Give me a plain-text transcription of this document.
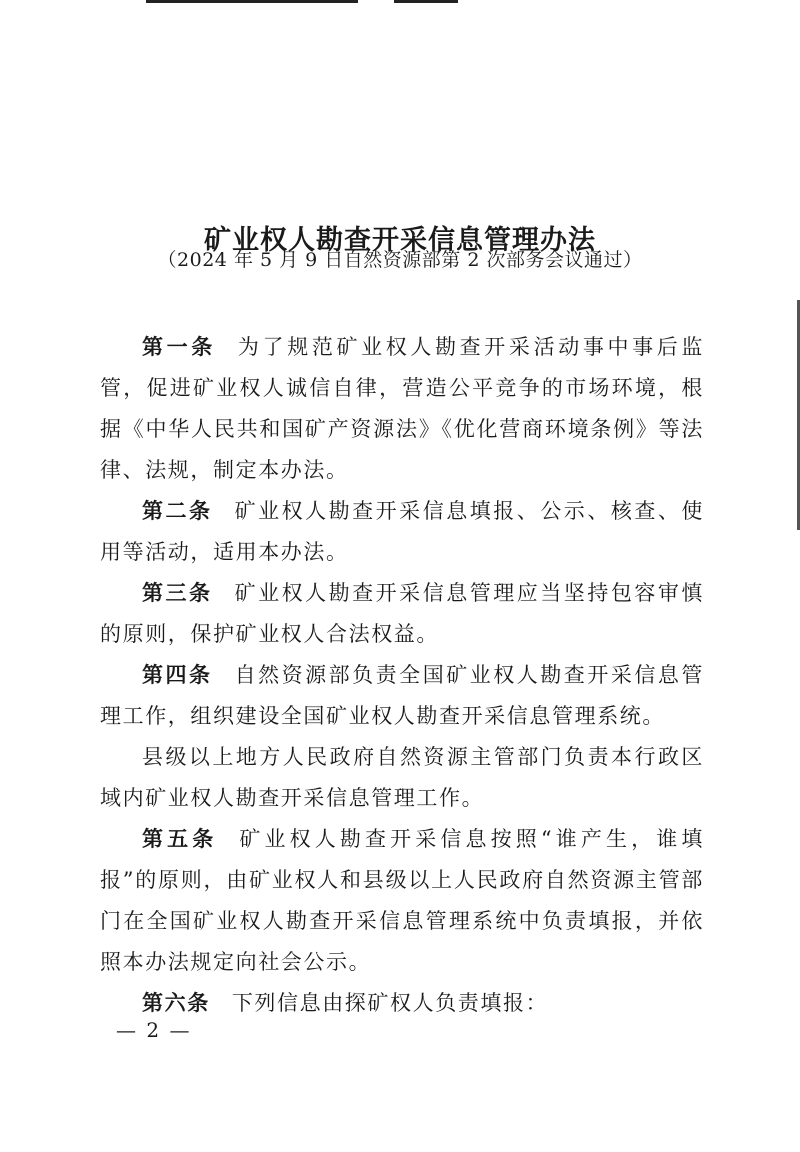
矿业权人勘查开采信息管理办法
（2024 年 5 月 9 日自然资源部第 2 次部务会议通过）

第一条 为了规范矿业权人勘查开采活动事中事后监管，促进矿业权人诚信自律，营造公平竞争的市场环境，根据《中华人民共和国矿产资源法》《优化营商环境条例》等法律、法规，制定本办法。

第二条 矿业权人勘查开采信息填报、公示、核查、使用等活动，适用本办法。

第三条 矿业权人勘查开采信息管理应当坚持包容审慎的原则，保护矿业权人合法权益。

第四条 自然资源部负责全国矿业权人勘查开采信息管理工作，组织建设全国矿业权人勘查开采信息管理系统。

县级以上地方人民政府自然资源主管部门负责本行政区域内矿业权人勘查开采信息管理工作。

第五条 矿业权人勘查开采信息按照“谁产生，谁填报”的原则，由矿业权人和县级以上人民政府自然资源主管部门在全国矿业权人勘查开采信息管理系统中负责填报，并依照本办法规定向社会公示。

第六条 下列信息由探矿权人负责填报：

— 2 —
